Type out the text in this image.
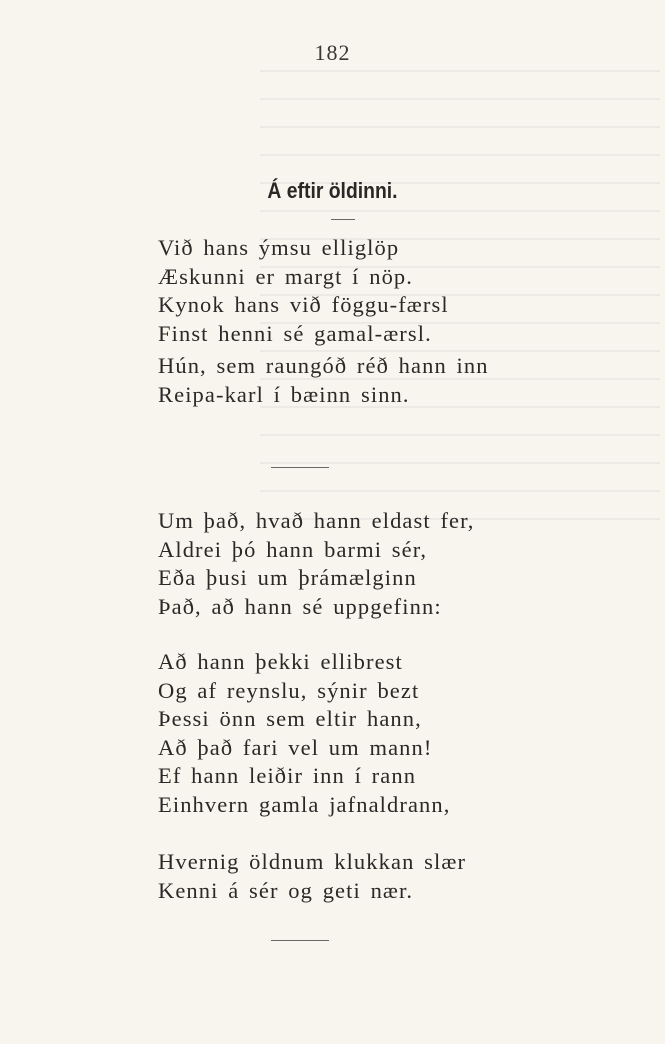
182
Á eftir öldinni.
Við hans ýmsu elliglöp
Æskunni er margt í nöp.
Kynok hans við föggu-færsl
Finst henni sé gamal-ærsl.
Hún, sem raungóð réð hann inn
Reipa-karl í bæinn sinn.
Um það, hvað hann eldast fer,
Aldrei þó hann barmi sér,
Eða þusi um þrámælginn
Það, að hann sé uppgefinn:
Að hann þekki ellibrest
Og af reynslu, sýnir bezt
Þessi önn sem eltir hann,
Að það fari vel um mann!
Ef hann leiðir inn í rann
Einhvern gamla jafnaldrann,
Hvernig öldnum klukkan slær
Kenni á sér og geti nær.
